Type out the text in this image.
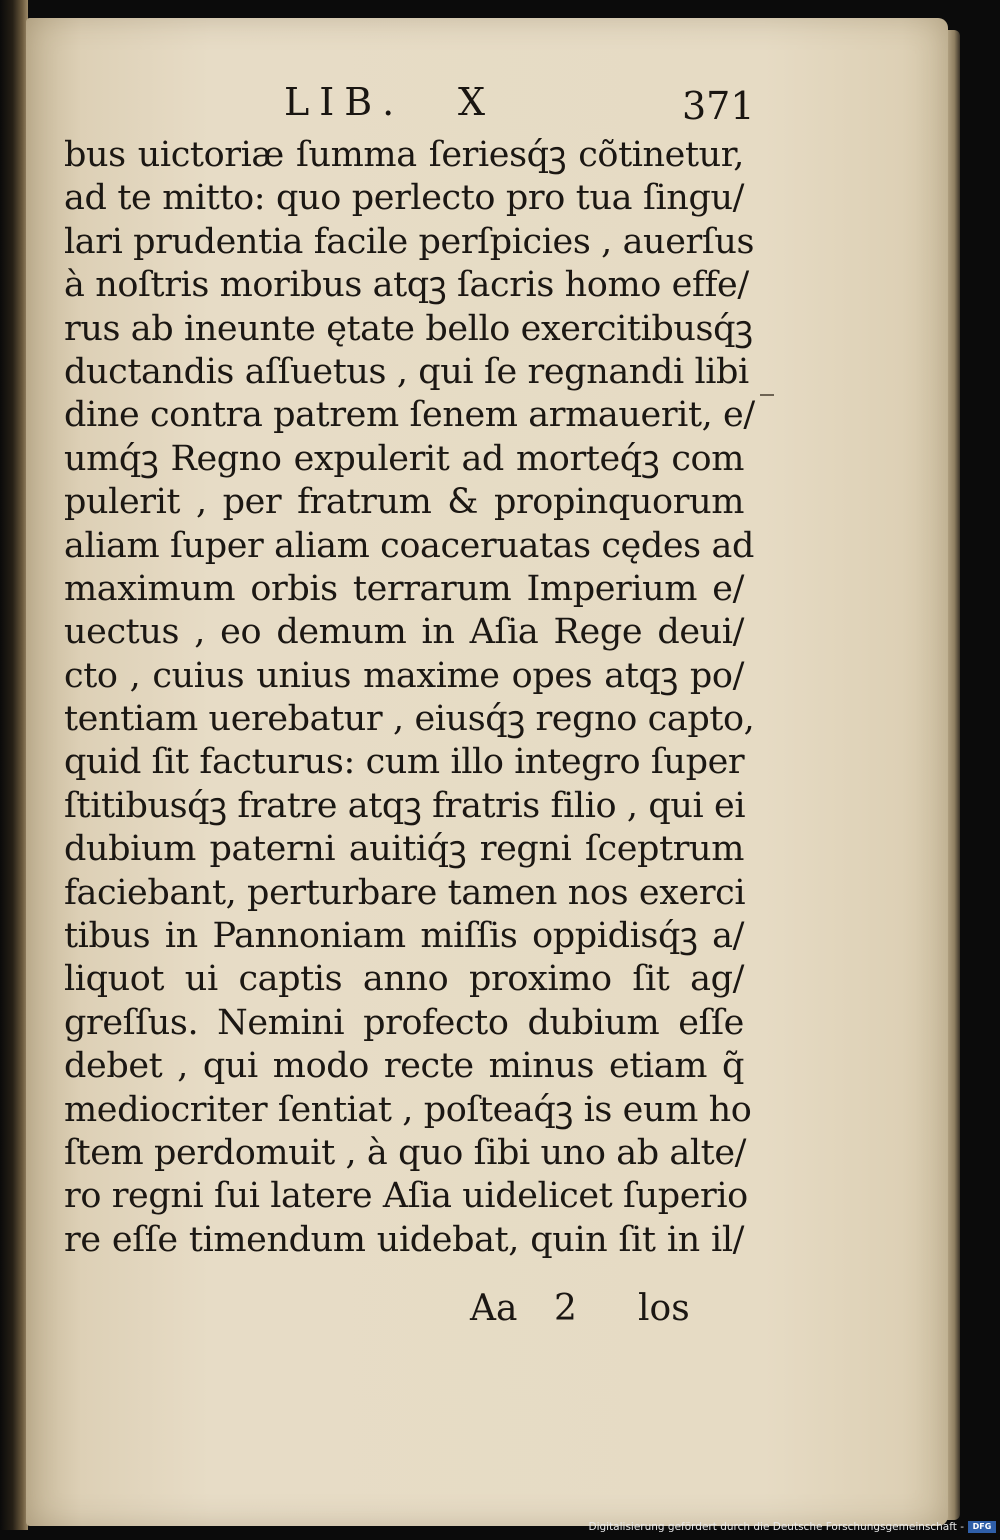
LIB. X	371
bus uictoriæ ſumma ſeriesq́ꝫ cõtinetur,
ad te mitto: quo perlecto pro tua ſingu/
lari prudentia facile perſpicies , auerſus
à noſtris moribus atqꝫ ſacris homo effe/
rus ab ineunte ętate bello exercitibusq́ꝫ
ductandis aſſuetus , qui ſe regnandi libi
dine contra patrem ſenem armauerit, e/
umq́ꝫ Regno expulerit ad morteq́ꝫ com
pulerit , per fratrum & propinquorum
aliam ſuper aliam coaceruatas cędes ad
maximum orbis terrarum Imperium e/
uectus , eo demum in Aſia Rege deui/
cto , cuius unius maxime opes atqꝫ po/
tentiam uerebatur , eiusq́ꝫ regno capto,
quid ſit facturus: cum illo integro ſuper
ſtitibusq́ꝫ fratre atqꝫ fratris filio , qui ei
dubium paterni auitiq́ꝫ regni ſceptrum
faciebant, perturbare tamen nos exerci
tibus in Pannoniam miſſis oppidisq́ꝫ a/
liquot ui captis anno proximo ſit ag/
greſſus. Nemini profecto dubium eſſe
debet , qui modo recte minus etiam q̃
mediocriter ſentiat , poſteaq́ꝫ is eum ho
ſtem perdomuit , à quo ſibi uno ab alte/
ro regni ſui latere Aſia uidelicet ſuperio
re eſſe timendum uidebat, quin ſit in il/
Aa 2 los
Digitalisierung gefördert durch die Deutsche Forschungsgemeinschaft -	DFG
